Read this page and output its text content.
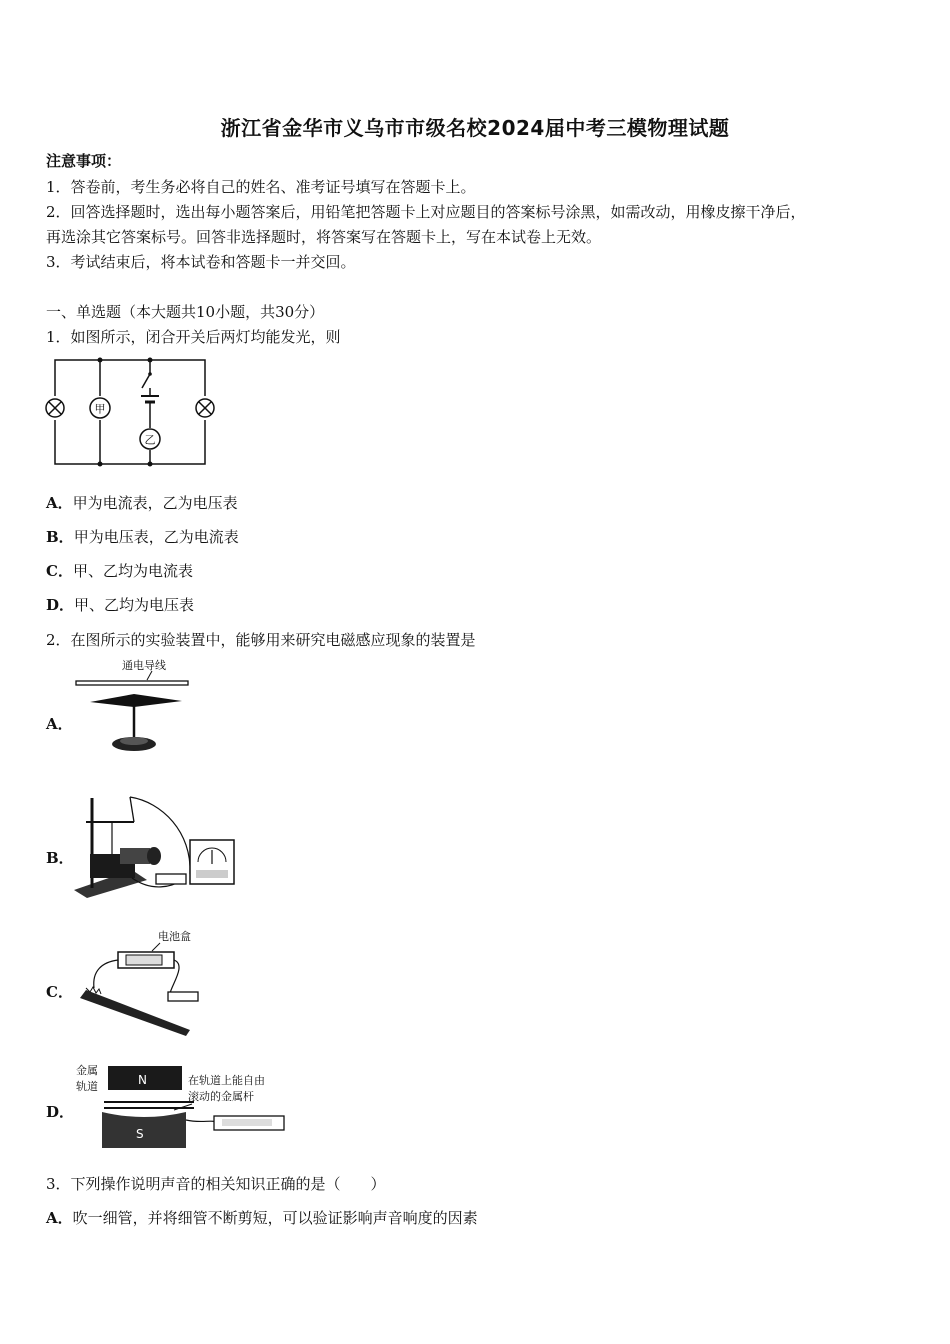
浙江省金华市义乌市市级名校2024届中考三模物理试题
注意事项：
1．答卷前，考生务必将自己的姓名、准考证号填写在答题卡上。
2．回答选择题时，选出每小题答案后，用铅笔把答题卡上对应题目的答案标号涂黑，如需改动，用橡皮擦干净后，
再选涂其它答案标号。回答非选择题时，将答案写在答题卡上，写在本试卷上无效。
3．考试结束后，将本试卷和答题卡一并交回。
一、单选题（本大题共10小题，共30分）
1．如图所示，闭合开关后两灯均能发光，则
甲
乙
A．甲为电流表，乙为电压表
B．甲为电压表，乙为电流表
C．甲、乙均为电流表
D．甲、乙均为电压表
2．在图所示的实验装置中，能够用来研究电磁感应现象的装置是
A．
通电导线
B．
C．
电池盒
D．
金属
轨道	N
S
在轨道上能自由
滚动的金属杆
3．下列操作说明声音的相关知识正确的是（　　）
A．吹一细管，并将细管不断剪短，可以验证影响声音响度的因素
